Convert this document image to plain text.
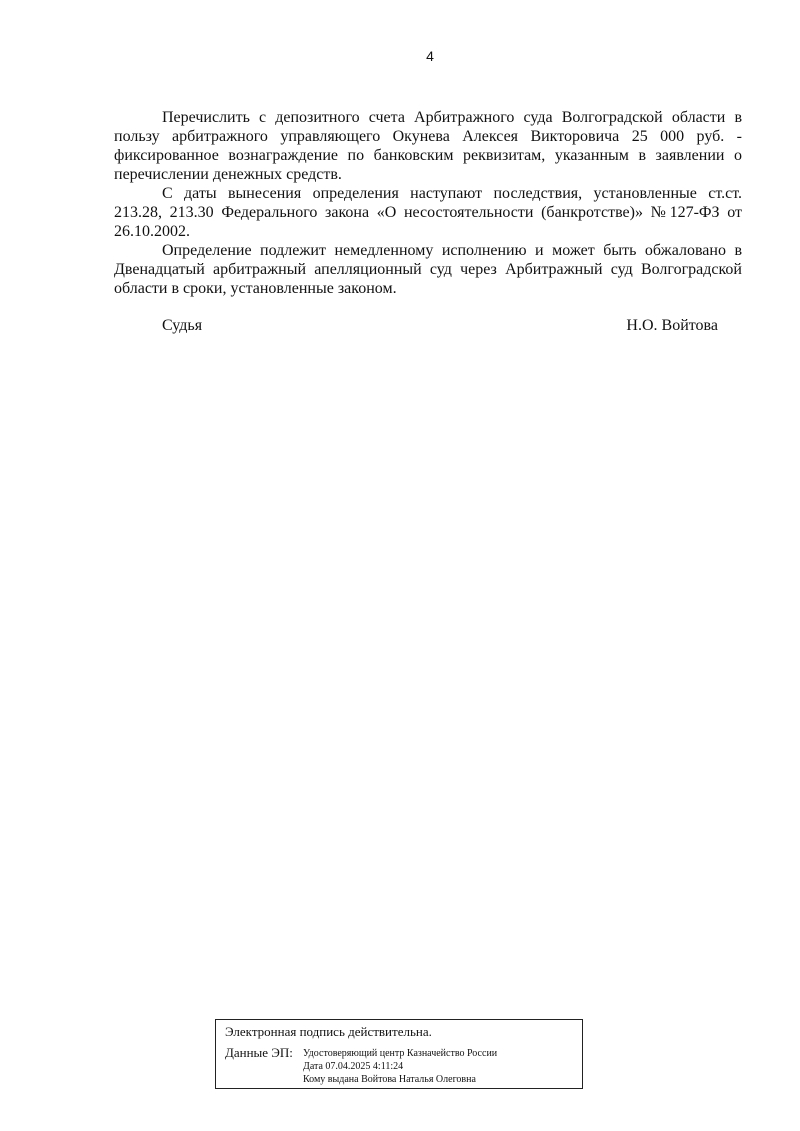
4

Перечислить с депозитного счета Арбитражного суда Волгоградской области в пользу арбитражного управляющего Окунева Алексея Викторовича 25 000 руб. - фиксированное вознаграждение по банковским реквизитам, указанным в заявлении о перечислении денежных средств.

С даты вынесения определения наступают последствия, установленные ст.ст. 213.28, 213.30 Федерального закона «О несостоятельности (банкротстве)» №127-ФЗ от 26.10.2002.

Определение подлежит немедленному исполнению и может быть обжаловано в Двенадцатый арбитражный апелляционный суд через Арбитражный суд Волгоградской области в сроки, установленные законом.

Судья	Н.О. Войтова
Электронная подпись действительна.
Данные ЭП: Удостоверяющий центр Казначейство России
Дата 07.04.2025 4:11:24
Кому выдана Войтова Наталья Олеговна
